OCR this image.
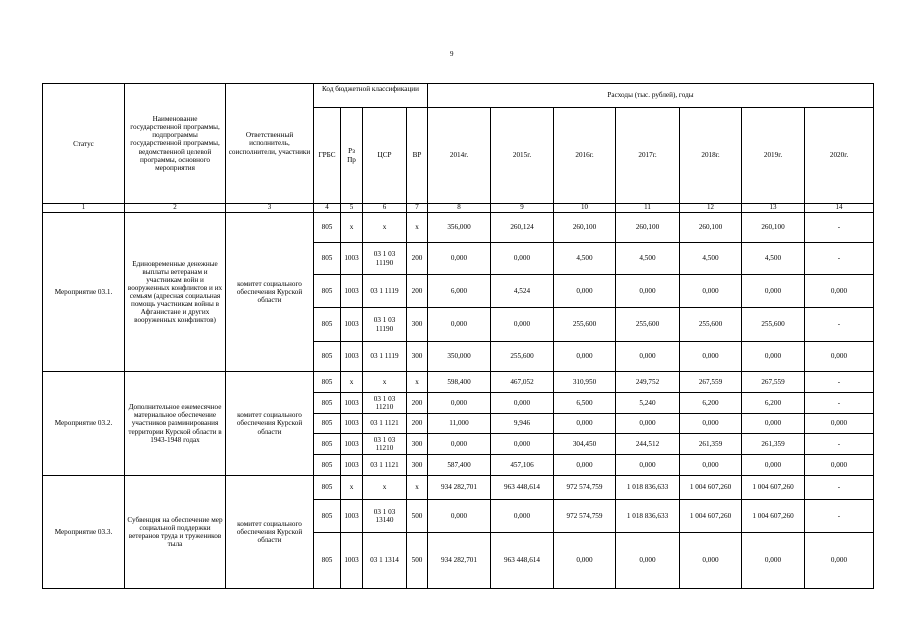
9
Статус	Наименование государственной программы, подпрограммы государственной программы, ведомственной целевой программы, основного мероприятия	Ответственный исполнитель, соисполнители, участники	Код бюджетной классификации				Расходы (тыс. рублей), годы						
			ГРБС	Рз Пр	ЦСР	ВР	2014г.	2015г.	2016г.	2017г.	2018г.	2019г.	2020г.
1	2	3	4	5	6	7	8	9	10	11	12	13	14
Мероприятие 03.1.	Единовременные денежные выплаты ветеранам и участникам войн и вооруженных конфликтов и их семьям (адресная социальная помощь участникам войны в Афганистане и других вооруженных конфликтов)	комитет социального обеспечения Курской области	805	x	x	x	356,000	260,124	260,100	260,100	260,100	260,100	-
			805	1003	03 1 03 11190	200	0,000	0,000	4,500	4,500	4,500	4,500	-
			805	1003	03 1 1119	200	6,000	4,524	0,000	0,000	0,000	0,000	0,000
			805	1003	03 1 03 11190	300	0,000	0,000	255,600	255,600	255,600	255,600	-
			805	1003	03 1 1119	300	350,000	255,600	0,000	0,000	0,000	0,000	0,000
Мероприятие 03.2.	Дополнительное ежемесячное материальное обеспечение участников разминирования территории Курской области в 1943-1948 годах	комитет социального обеспечения Курской области	805	x	x	x	598,400	467,052	310,950	249,752	267,559	267,559	-
			805	1003	03 1 03 11210	200	0,000	0,000	6,500	5,240	6,200	6,200	-
			805	1003	03 1 1121	200	11,000	9,946	0,000	0,000	0,000	0,000	0,000
			805	1003	03 1 03 11210	300	0,000	0,000	304,450	244,512	261,359	261,359	-
			805	1003	03 1 1121	300	587,400	457,106	0,000	0,000	0,000	0,000	0,000
Мероприятие 03.3.	Субвенция на обеспечение мер социальной поддержки ветеранов труда и тружеников тыла	комитет социального обеспечения Курской области	805	x	x	x	934 282,701	963 448,614	972 574,759	1 018 836,633	1 004 607,260	1 004 607,260	-
			805	1003	03 1 03 13140	500	0,000	0,000	972 574,759	1 018 836,633	1 004 607,260	1 004 607,260	-
			805	1003	03 1 1314	500	934 282,701	963 448,614	0,000	0,000	0,000	0,000	0,000
